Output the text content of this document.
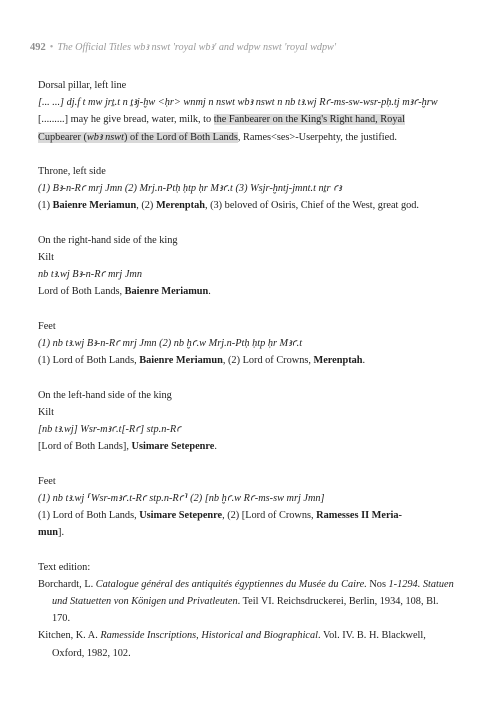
492 • The Official Titles wbꜣ nswt 'royal wbꜣ' and wdpw nswt 'royal wdpw'

Dorsal pillar, left line

[... ...] dj.f t mw jrṯ.t n ṯꜣj-ḫw <ḥr> wnmj n nswt wbꜣ nswt n nb tꜣ.wj Rꜥ-ms-sw-wsr-pḥ.tj mꜣꜥ-ḫrw

[.........] may he give bread, water, milk, to the Fanbearer on the King's Right hand, Royal
Cupbearer (wbꜣ nswt) of the Lord of Both Lands, Rames<ses>-Userpehty, the justified.

Throne, left side

(1) Bꜣ-n-Rꜥ mrj Jmn (2) Mrj.n-Ptḥ ḥtp ḥr Mꜣꜥ.t (3) Wsjr-ḫntj-jmnt.t nṯr ꜥꜣ

(1) Baienre Meriamun, (2) Merenptah, (3) beloved of Osiris, Chief of the West, great god.

On the right-hand side of the king

Kilt

nb tꜣ.wj Bꜣ-n-Rꜥ mrj Jmn

Lord of Both Lands, Baienre Meriamun.

Feet

(1) nb tꜣ.wj Bꜣ-n-Rꜥ mrj Jmn (2) nb ḫꜥ.w Mrj.n-Ptḥ ḥtp ḥr Mꜣꜥ.t

(1) Lord of Both Lands, Baienre Meriamun, (2) Lord of Crowns, Merenptah.

On the left-hand side of the king

Kilt

[nb tꜣ.wj] Wsr-mꜣꜥ.t[-Rꜥ] stp.n-Rꜥ

[Lord of Both Lands], Usimare Setepenre.

Feet

(1) nb tꜣ.wj ⸢Wsr-mꜣꜥ.t-Rꜥ stp.n-Rꜥ⸣ (2) [nb ḫꜥ.w Rꜥ-ms-sw mrj Jmn]

(1) Lord of Both Lands, Usimare Setepenre, (2) [Lord of Crowns, Ramesses II Meria-
mun].

Text edition:

Borchardt, L. Catalogue général des antiquités égyptiennes du Musée du Caire. Nos 1-1294. Statuen und Statuetten von Königen und Privatleuten. Teil VI. Reichsdruckerei, Berlin, 1934, 108, Bl. 170.

Kitchen, K. A. Ramesside Inscriptions, Historical and Biographical. Vol. IV. B. H. Blackwell, Oxford, 1982, 102.
